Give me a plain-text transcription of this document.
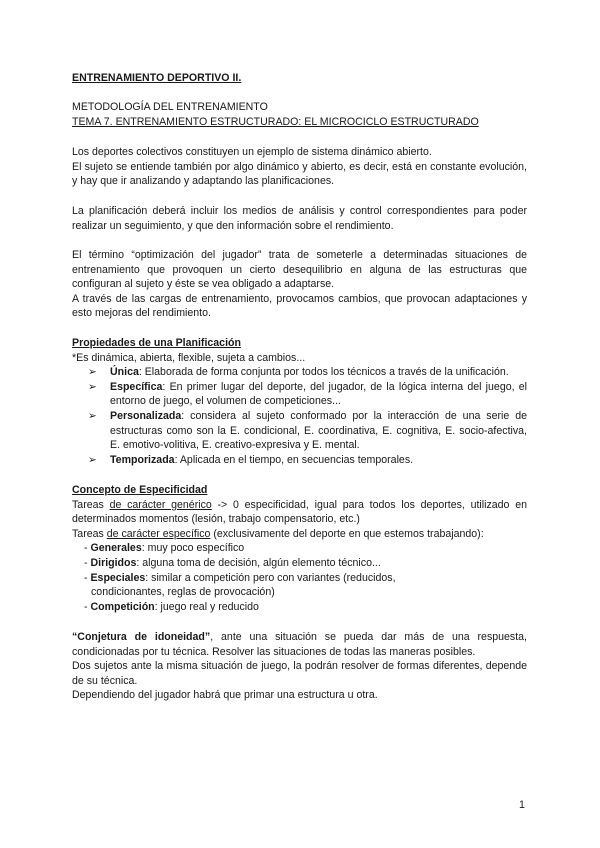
ENTRENAMIENTO DEPORTIVO II.

METODOLOGÍA DEL ENTRENAMIENTO

TEMA 7. ENTRENAMIENTO ESTRUCTURADO: EL MICROCICLO ESTRUCTURADO

Los deportes colectivos constituyen un ejemplo de sistema dinámico abierto.

El sujeto se entiende también por algo dinámico y abierto, es decir, está en constante evolución, y hay que ir analizando y adaptando las planificaciones.

La planificación deberá incluir los medios de análisis y control correspondientes para poder realizar un seguimiento, y que den información sobre el rendimiento.

El término “optimización del jugador” trata de someterle a determinadas situaciones de entrenamiento que provoquen un cierto desequilibrio en alguna de las estructuras que configuran al sujeto y éste se vea obligado a adaptarse.

A través de las cargas de entrenamiento, provocamos cambios, que provocan adaptaciones y esto mejoras del rendimiento.

Propiedades de una Planificación

*Es dinámica, abierta, flexible, sujeta a cambios...

➢ Única: Elaborada de forma conjunta por todos los técnicos a través de la unificación.
➢ Específica: En primer lugar del deporte, del jugador, de la lógica interna del juego, el entorno de juego, el volumen de competiciones...
➢ Personalizada: considera al sujeto conformado por la interacción de una serie de estructuras como son la E. condicional, E. coordinativa, E. cognitiva, E. socio-afectiva, E. emotivo-volitiva, E. creativo-expresiva y E. mental.
➢ Temporizada: Aplicada en el tiempo, en secuencias temporales.

Concepto de Especificidad

Tareas de carácter genérico -> 0 especificidad, igual para todos los deportes, utilizado en determinados momentos (lesión, trabajo compensatorio, etc.)

Tareas de carácter específico (exclusivamente del deporte en que estemos trabajando):

- Generales: muy poco específico
- Dirigidos: alguna toma de decisión, algún elemento técnico...
- Especiales: similar a competición pero con variantes (reducidos, condicionantes, reglas de provocación)
- Competición: juego real y reducido

“Conjetura de idoneidad”, ante una situación se pueda dar más de una respuesta, condicionadas por tu técnica. Resolver las situaciones de todas las maneras posibles.

Dos sujetos ante la misma situación de juego, la podrán resolver de formas diferentes, depende de su técnica.

Dependiendo del jugador habrá que primar una estructura u otra.

1
